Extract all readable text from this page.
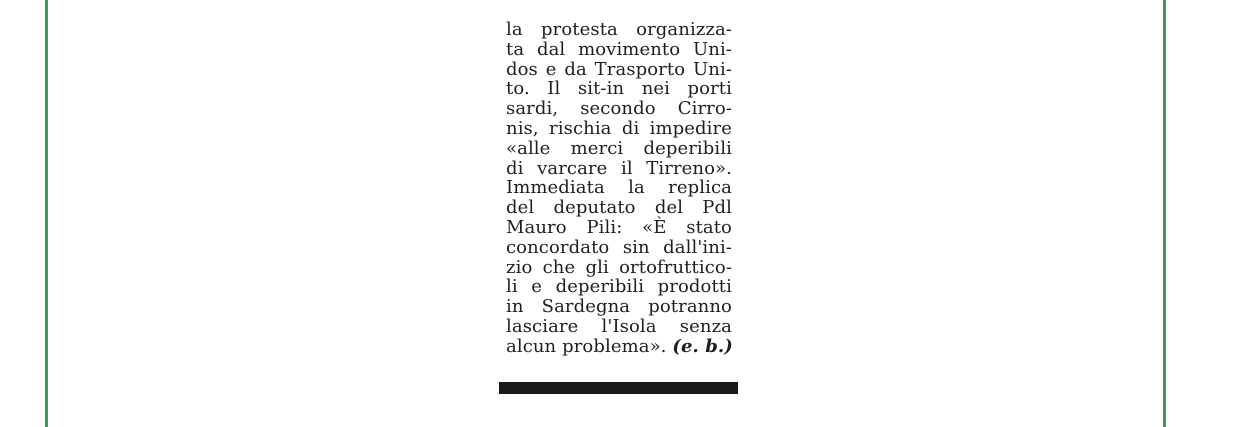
la protesta organizza-
ta dal movimento Uni-
dos e da Trasporto Uni-
to. Il sit-in nei porti
sardi, secondo Cirro-
nis, rischia di impedire
«alle merci deperibili
di varcare il Tirreno».
Immediata la replica
del deputato del Pdl
Mauro Pili: «È stato
concordato sin dall'ini-
zio che gli ortofruttico-
li e deperibili prodotti
in Sardegna potranno
lasciare l'Isola senza
alcun problema». (e. b.)
